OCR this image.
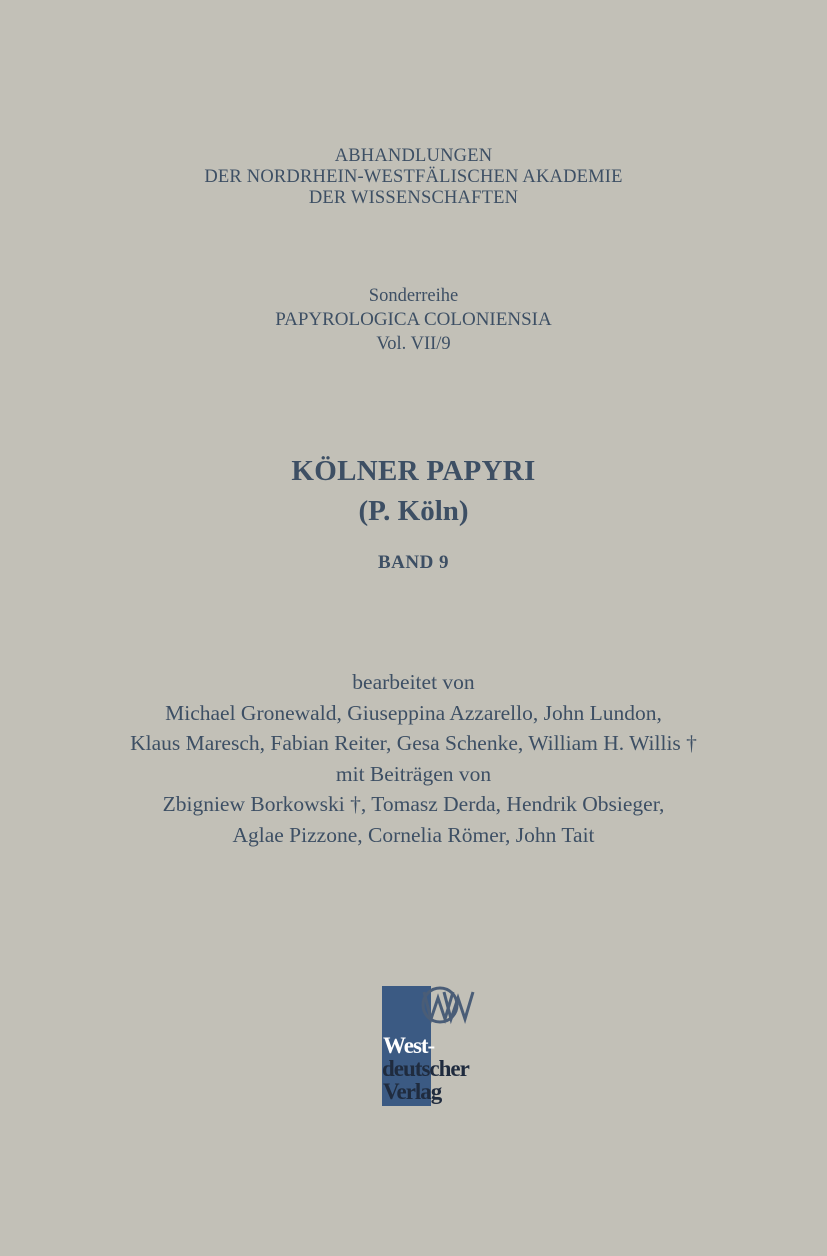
ABHANDLUNGEN
DER NORDRHEIN-WESTFÄLISCHEN AKADEMIE
DER WISSENSCHAFTEN
Sonderreihe
PAPYROLOGICA COLONIENSIA
Vol. VII/9
KÖLNER PAPYRI
(P. Köln)
BAND 9
bearbeitet von
Michael Gronewald, Giuseppina Azzarello, John Lundon,
Klaus Maresch, Fabian Reiter, Gesa Schenke, William H. Willis †
mit Beiträgen von
Zbigniew Borkowski †, Tomasz Derda, Hendrik Obsieger,
Aglae Pizzone, Cornelia Römer, John Tait
West-
deutscher
Verlag
